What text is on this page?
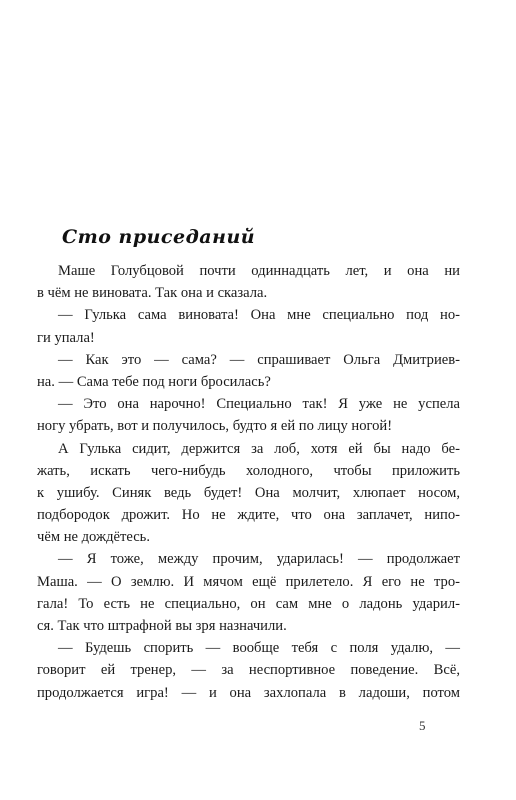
Сто приседаний
Маше Голубцовой почти одиннадцать лет, и она ни
в чём не виновата. Так она и сказала.
— Гулька сама виновата! Она мне специально под но-
ги упала!
— Как это — сама? — спрашивает Ольга Дмитриев-
на. — Сама тебе под ноги бросилась?
— Это она нарочно! Специально так! Я уже не успела
ногу убрать, вот и получилось, будто я ей по лицу ногой!
А Гулька сидит, держится за лоб, хотя ей бы надо бе-
жать, искать чего-нибудь холодного, чтобы приложить
к ушибу. Синяк ведь будет! Она молчит, хлюпает носом,
подбородок дрожит. Но не ждите, что она заплачет, нипо-
чём не дождётесь.
— Я тоже, между прочим, ударилась! — продолжает
Маша. — О землю. И мячом ещё прилетело. Я его не тро-
гала! То есть не специально, он сам мне о ладонь ударил-
ся. Так что штрафной вы зря назначили.
— Будешь спорить — вообще тебя с поля удалю, —
говорит ей тренер, — за неспортивное поведение. Всё,
продолжается игра! — и она захлопала в ладоши, потом
5
